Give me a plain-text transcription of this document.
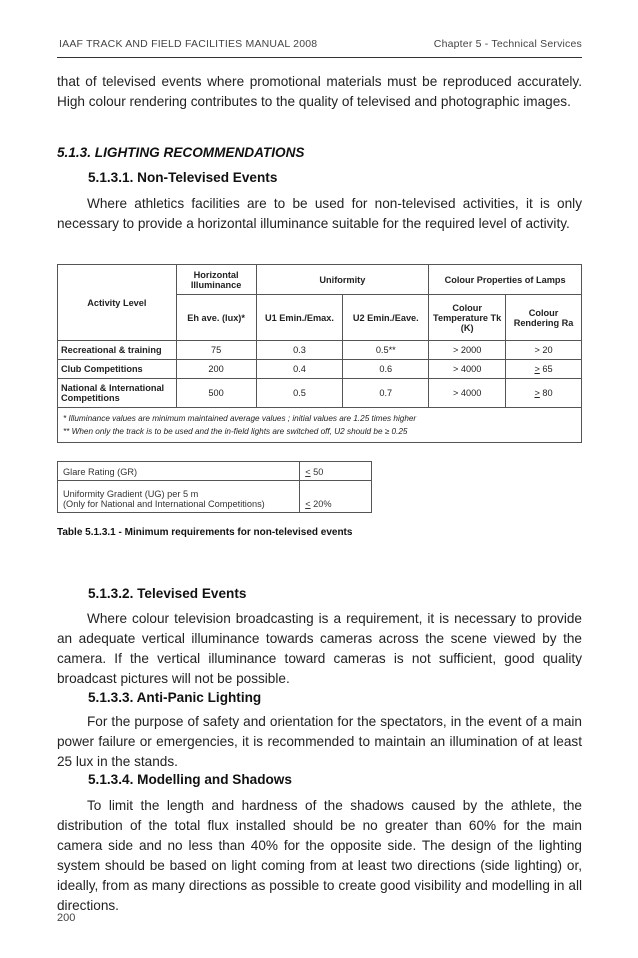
IAAF TRACK AND FIELD FACILITIES MANUAL 2008	Chapter 5 - Technical Services

that of televised events where promotional materials must be reproduced accurately. High colour rendering contributes to the quality of televised and photographic images.

5.1.3. LIGHTING RECOMMENDATIONS

5.1.3.1. Non-Televised Events

Where athletics facilities are to be used for non-televised activities, it is only necessary to provide a horizontal illuminance suitable for the required level of activity.

Activity Level	Horizontal Illuminance	Uniformity		Colour Properties of Lamps	
	Eh ave. (lux)*	U1 Emin./Emax.	U2 Emin./Eave.	Colour Temperature Tk (K)	Colour Rendering Ra
Recreational & training	75	0.3	0.5**	> 2000	> 20
Club Competitions	200	0.4	0.6	> 4000	≥ 65
National & International Competitions	500	0.5	0.7	> 4000	≥ 80

* Illuminance values are minimum maintained average values ; initial values are 1.25 times higher
** When only the track is to be used and the in-field lights are switched off, U2 should be ≥ 0.25					
Glare Rating (GR)	≤ 50

Uniformity Gradient (UG) per 5 m
(Only for National and International Competitions)	≤ 20%

Table 5.1.3.1 - Minimum requirements for non-televised events

5.1.3.2. Televised Events

Where colour television broadcasting is a requirement, it is necessary to provide an adequate vertical illuminance towards cameras across the scene viewed by the camera. If the vertical illuminance toward cameras is not sufficient, good quality broadcast pictures will not be possible.

5.1.3.3. Anti-Panic Lighting

For the purpose of safety and orientation for the spectators, in the event of a main power failure or emergencies, it is recommended to maintain an illumination of at least 25 lux in the stands.

5.1.3.4. Modelling and Shadows

To limit the length and hardness of the shadows caused by the athlete, the distribution of the total flux installed should be no greater than 60% for the main camera side and no less than 40% for the opposite side. The design of the lighting system should be based on light coming from at least two directions (side lighting) or, ideally, from as many directions as possible to create good visibility and modelling in all directions.

200
